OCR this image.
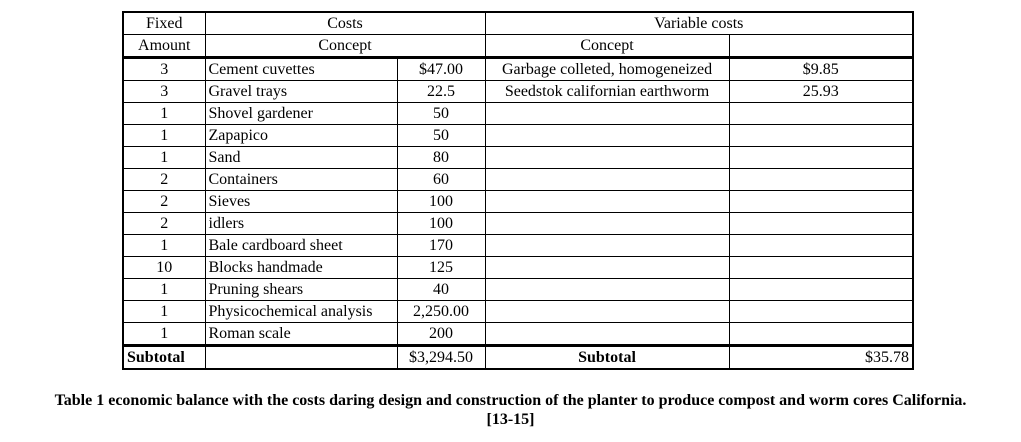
Fixed	Costs		Variable costs	
Amount	Concept		Concept	
3	Cement cuvettes	$47.00	Garbage colleted, homogeneized	$9.85
3	Gravel trays	22.5	Seedstok californian earthworm	25.93
1	Shovel gardener	50		
1	Zapapico	50		
1	Sand	80		
2	Containers	60		
2	Sieves	100		
2	idlers	100		
1	Bale cardboard sheet	170		
10	Blocks handmade	125		
1	Pruning shears	40		
1	Physicochemical analysis	2,250.00		
1	Roman scale	200		
Subtotal		$3,294.50	Subtotal	$35.78
Table 1 economic balance with the costs daring design and construction of the planter to produce compost and worm cores California.
[13-15]
